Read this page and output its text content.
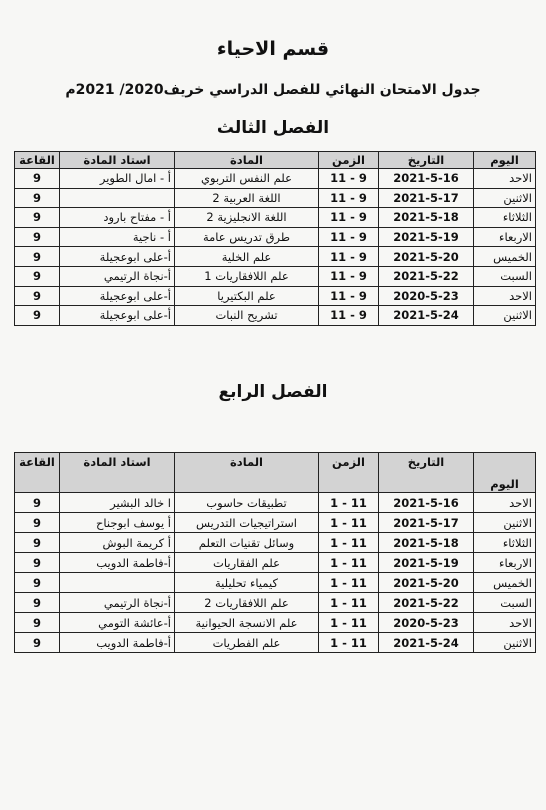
قسم الاحياء
جدول الامتحان النهائي للفصل الدراسي خريف2020/ 2021م
الفصل الثالث
اليوم	التاريخ	الزمن	المادة	استاد المادة	القاعة
الاحد	2021-5-16	9 - 11	علم النفس التربوي	أ - امال الطوير	9
الاثنين	2021-5-17	9 - 11	اللغة العربية 2		9
الثلاثاء	2021-5-18	9 - 11	اللغة الانجليزية 2	أ - مفتاح بارود	9
الاربعاء	2021-5-19	9 - 11	طرق تدريس عامة	أ - ناجية	9
الخميس	2021-5-20	9 - 11	علم الخلية	أ-على ابوعجيلة	9
السبت	2021-5-22	9 - 11	علم اللافقاريات 1	أ-نجاة الرتيمي	9
الاحد	2020-5-23	9 - 11	علم البكتيريا	أ-على ابوعجيلة	9
الاثنين	2021-5-24	9 - 11	تشريح النبات	أ-على ابوعجيلة	9
الفصل الرابع
اليوم	التاريخ	الزمن	المادة	استاد المادة	القاعة
الاحد	2021-5-16	11 - 1	تطبيقات حاسوب	ا خالد البشير	9
الاثنين	2021-5-17	11 - 1	استراتيجيات التدريس	أ يوسف ابوجناح	9
الثلاثاء	2021-5-18	11 - 1	وسائل تقنيات التعلم	أ كريمة البوش	9
الاربعاء	2021-5-19	11 - 1	علم الفقاريات	أ-فاطمة الدويب	9
الخميس	2021-5-20	11 - 1	كيمياء تحليلية		9
السبت	2021-5-22	11 - 1	علم اللافقاريات 2	أ-نجاة الرتيمي	9
الاحد	2020-5-23	11 - 1	علم الانسجة الحيوانية	أ-عائشة التومي	9
الاثنين	2021-5-24	11 - 1	علم الفطريات	أ-فاطمة الدويب	9
